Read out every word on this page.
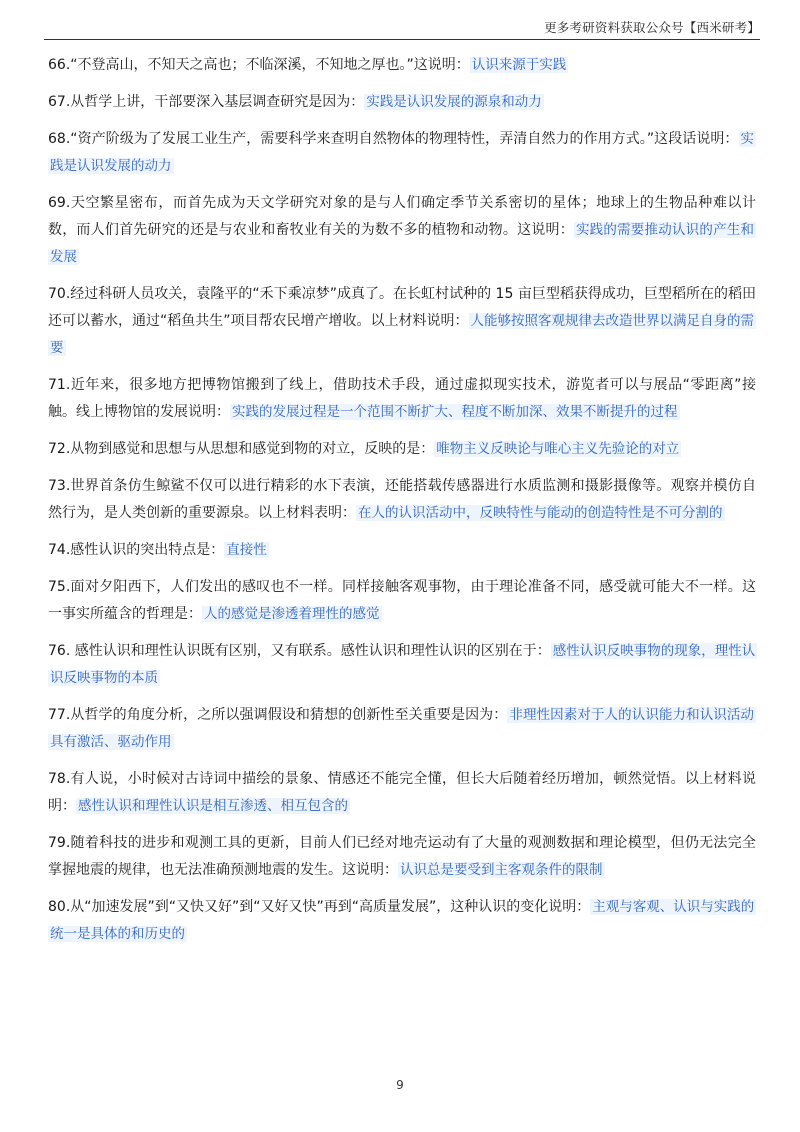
更多考研资料获取公众号【西米研考】

66.“不登高山，不知天之高也；不临深溪，不知地之厚也。”这说明： 认识来源于实践

67.从哲学上讲，干部要深入基层调查研究是因为： 实践是认识发展的源泉和动力

68.“资产阶级为了发展工业生产，需要科学来查明自然物体的物理特性，弄清自然力的作用方式。”这段话说明： 实践是认识发展的动力

69.天空繁星密布，而首先成为天文学研究对象的是与人们确定季节关系密切的星体；地球上的生物品种难以计数，而人们首先研究的还是与农业和畜牧业有关的为数不多的植物和动物。这说明： 实践的需要推动认识的产生和发展

70.经过科研人员攻关，袁隆平的“禾下乘凉梦”成真了。在长虹村试种的 15 亩巨型稻获得成功，巨型稻所在的稻田还可以蓄水，通过“稻鱼共生”项目帮农民增产增收。以上材料说明： 人能够按照客观规律去改造世界以满足自身的需要

71.近年来，很多地方把博物馆搬到了线上，借助技术手段，通过虚拟现实技术，游览者可以与展品“零距离”接触。线上博物馆的发展说明： 实践的发展过程是一个范围不断扩大、程度不断加深、效果不断提升的过程

72.从物到感觉和思想与从思想和感觉到物的对立，反映的是： 唯物主义反映论与唯心主义先验论的对立

73.世界首条仿生鲸鲨不仅可以进行精彩的水下表演，还能搭载传感器进行水质监测和摄影摄像等。观察并模仿自然行为，是人类创新的重要源泉。以上材料表明： 在人的认识活动中，反映特性与能动的创造特性是不可分割的

74.感性认识的突出特点是： 直接性

75.面对夕阳西下，人们发出的感叹也不一样。同样接触客观事物，由于理论准备不同，感受就可能大不一样。这一事实所蕴含的哲理是： 人的感觉是渗透着理性的感觉

76. 感性认识和理性认识既有区别，又有联系。感性认识和理性认识的区别在于： 感性认识反映事物的现象，理性认识反映事物的本质

77.从哲学的角度分析，之所以强调假设和猜想的创新性至关重要是因为： 非理性因素对于人的认识能力和认识活动具有激活、驱动作用

78.有人说，小时候对古诗词中描绘的景象、情感还不能完全懂，但长大后随着经历增加，顿然觉悟。以上材料说明： 感性认识和理性认识是相互渗透、相互包含的

79.随着科技的进步和观测工具的更新，目前人们已经对地壳运动有了大量的观测数据和理论模型，但仍无法完全掌握地震的规律，也无法准确预测地震的发生。这说明： 认识总是要受到主客观条件的限制

80.从“加速发展”到“又快又好”到“又好又快”再到“高质量发展”，这种认识的变化说明： 主观与客观、认识与实践的统一是具体的和历史的

9
